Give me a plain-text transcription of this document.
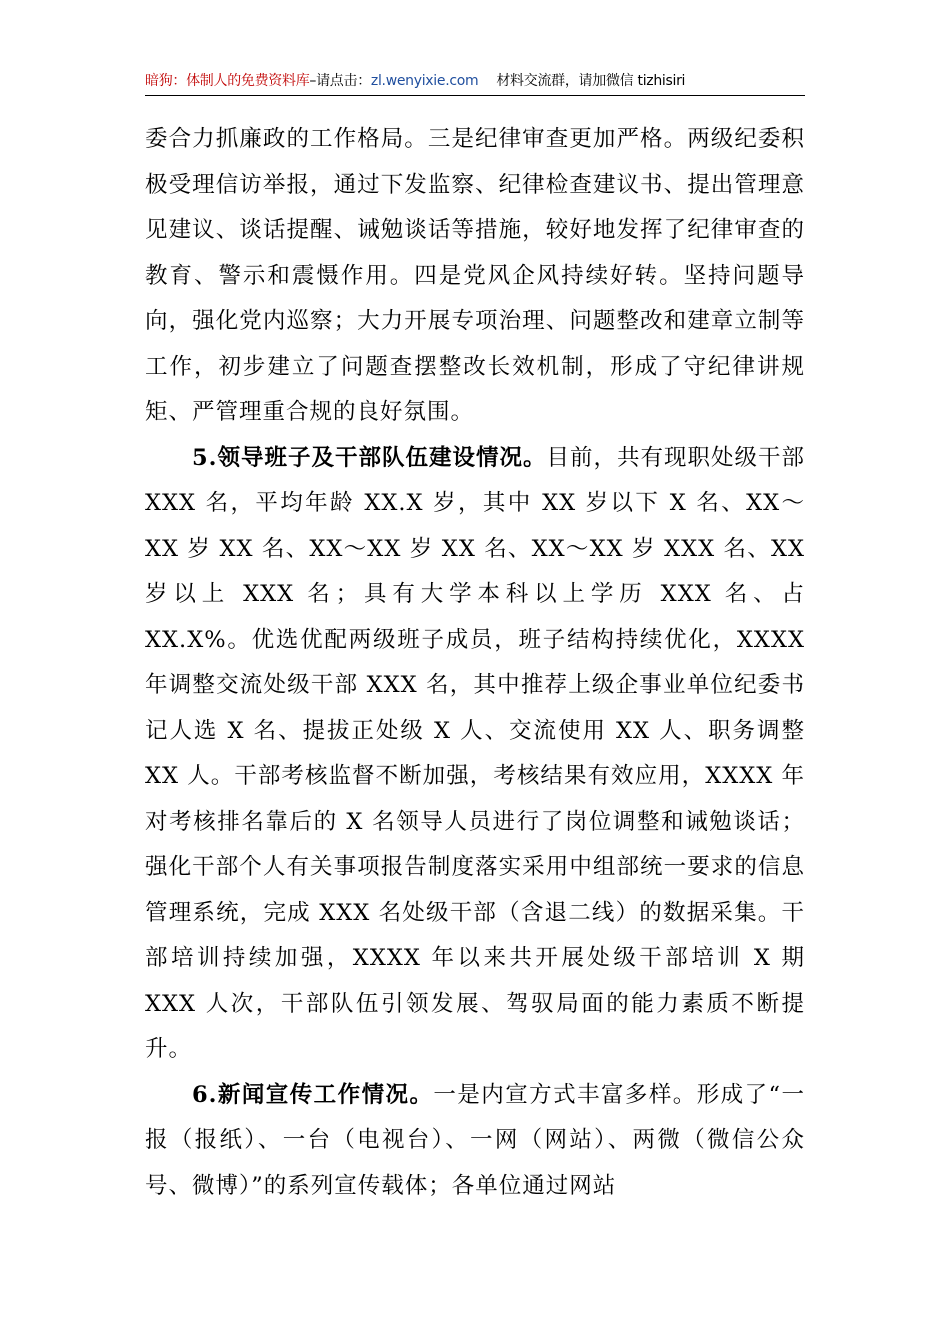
暗狗：体制人的免费资料库–请点击：zl.wenyixie.com 材料交流群，请加微信 tizhisiri

委合力抓廉政的工作格局。三是纪律审查更加严格。两级纪委积极受理信访举报，通过下发监察、纪律检查建议书、提出管理意见建议、谈话提醒、诫勉谈话等措施，较好地发挥了纪律审查的教育、警示和震慑作用。四是党风企风持续好转。坚持问题导向，强化党内巡察；大力开展专项治理、问题整改和建章立制等工作，初步建立了问题查摆整改长效机制，形成了守纪律讲规矩、严管理重合规的良好氛围。

5.领导班子及干部队伍建设情况。目前，共有现职处级干部 XXX 名，平均年龄 XX.X 岁，其中 XX 岁以下 X 名、XX～XX 岁 XX 名、XX～XX 岁 XX 名、XX～XX 岁 XXX 名、XX 岁以上 XXX 名；具有大学本科以上学历 XXX 名、占 XX.X%。优选优配两级班子成员，班子结构持续优化，XXXX 年调整交流处级干部 XXX 名，其中推荐上级企事业单位纪委书记人选 X 名、提拔正处级 X 人、交流使用 XX 人、职务调整 XX 人。干部考核监督不断加强，考核结果有效应用，XXXX 年对考核排名靠后的 X 名领导人员进行了岗位调整和诫勉谈话；强化干部个人有关事项报告制度落实采用中组部统一要求的信息管理系统，完成 XXX 名处级干部（含退二线）的数据采集。干部培训持续加强，XXXX 年以来共开展处级干部培训 X 期 XXX 人次，干部队伍引领发展、驾驭局面的能力素质不断提升。

6.新闻宣传工作情况。一是内宣方式丰富多样。形成了“一报（报纸）、一台（电视台）、一网（网站）、两微（微信公众号、微博）”的系列宣传载体；各单位通过网站
